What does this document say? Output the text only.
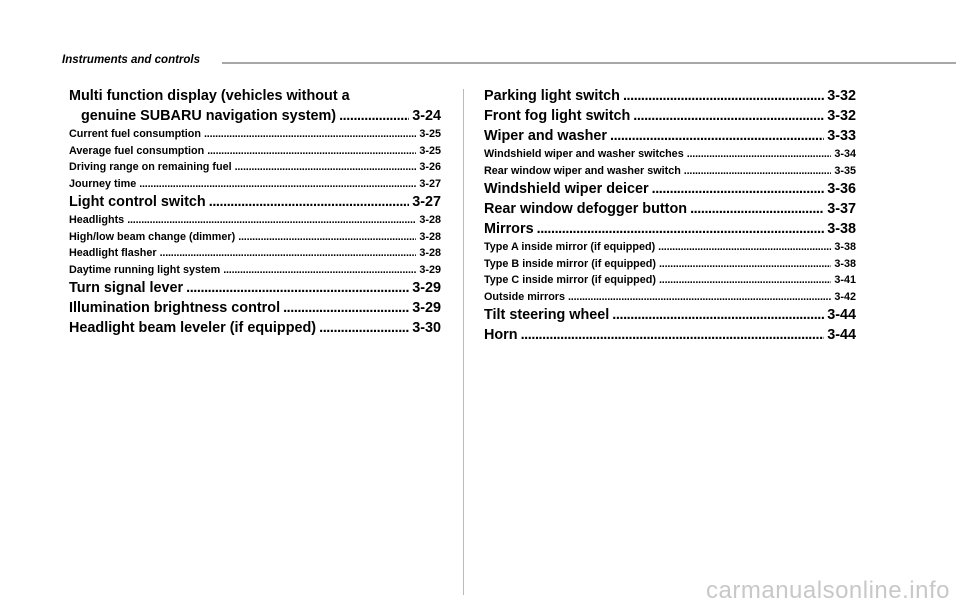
Instruments and controls
Multi function display (vehicles without a
genuine SUBARU navigation system) . . .	3-24
Current fuel consumption . . .	3-25
Average fuel consumption . . .	3-25
Driving range on remaining fuel . . .	3-26
Journey time . . .	3-27
Light control switch . . .	3-27
Headlights . . .	3-28
High/low beam change (dimmer) . . .	3-28
Headlight flasher . . .	3-28
Daytime running light system . . .	3-29
Turn signal lever . . .	3-29
Illumination brightness control . . .	3-29
Headlight beam leveler (if equipped) . . .	3-30
Parking light switch . . .	3-32
Front fog light switch . . .	3-32
Wiper and washer . . .	3-33
Windshield wiper and washer switches . . .	3-34
Rear window wiper and washer switch . . .	3-35
Windshield wiper deicer . . .	3-36
Rear window defogger button . . .	3-37
Mirrors . . .	3-38
Type A inside mirror (if equipped) . . .	3-38
Type B inside mirror (if equipped) . . .	3-38
Type C inside mirror (if equipped) . . .	3-41
Outside mirrors . . .	3-42
Tilt steering wheel . . .	3-44
Horn . . .	3-44
carmanualsonline.info
